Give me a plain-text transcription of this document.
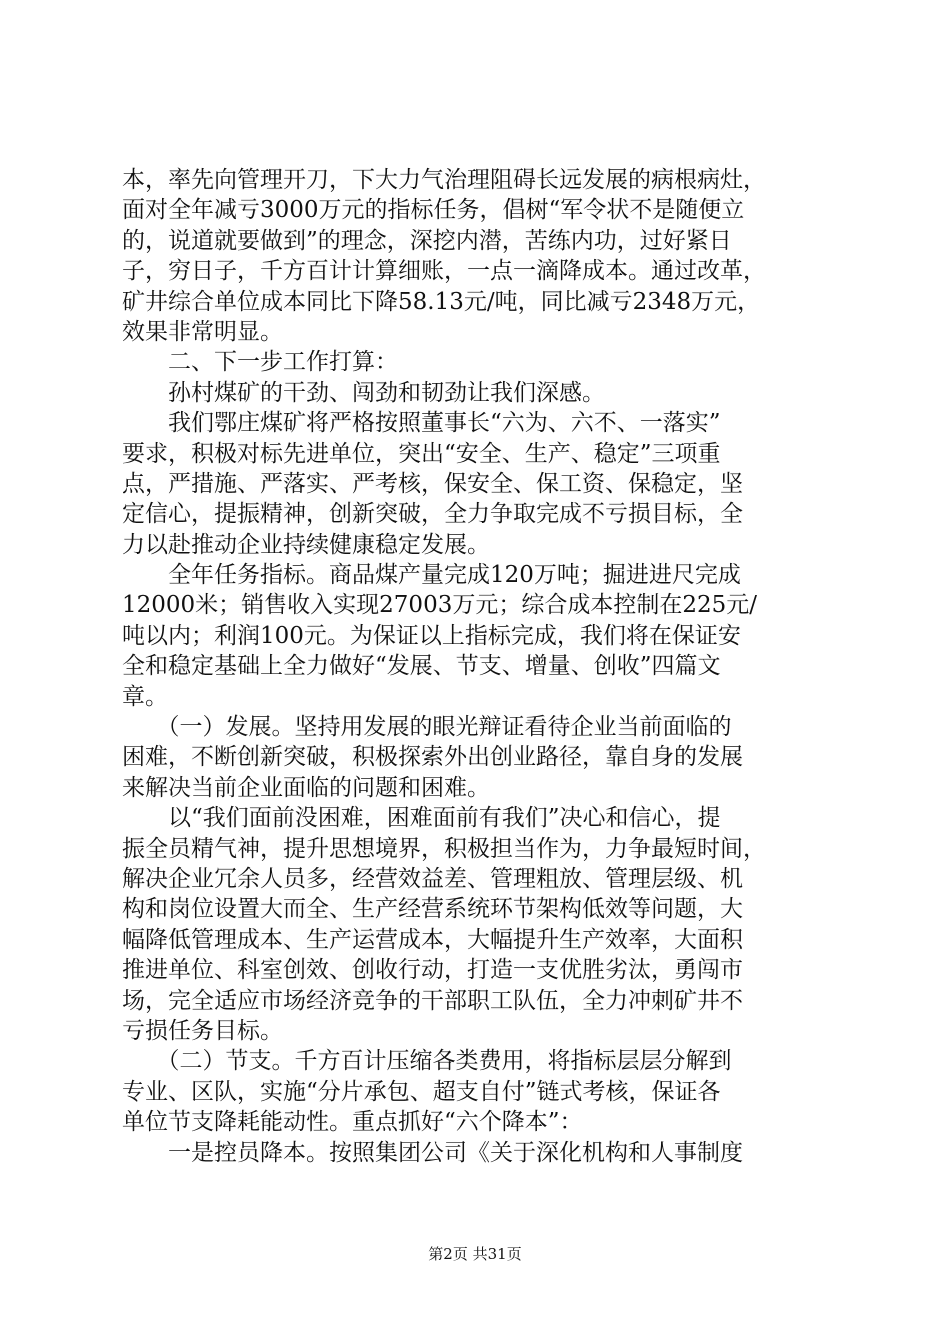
本，率先向管理开刀，下大力气治理阻碍长远发展的病根病灶，
面对全年减亏3000万元的指标任务，倡树“军令状不是随便立
的，说道就要做到”的理念，深挖内潜，苦练内功，过好紧日
子，穷日子，千方百计计算细账，一点一滴降成本。通过改革，
矿井综合单位成本同比下降58.13元/吨，同比减亏2348万元，
效果非常明显。
　　二、下一步工作打算：
　　孙村煤矿的干劲、闯劲和韧劲让我们深感。
　　我们鄂庄煤矿将严格按照董事长“六为、六不、一落实”
要求，积极对标先进单位，突出“安全、生产、稳定”三项重
点，严措施、严落实、严考核，保安全、保工资、保稳定，坚
定信心，提振精神，创新突破，全力争取完成不亏损目标，全
力以赴推动企业持续健康稳定发展。
　　全年任务指标。商品煤产量完成120万吨；掘进进尺完成
12000米；销售收入实现27003万元；综合成本控制在225元/
吨以内；利润100元。为保证以上指标完成，我们将在保证安
全和稳定基础上全力做好“发展、节支、增量、创收”四篇文
章。
　　（一）发展。坚持用发展的眼光辩证看待企业当前面临的
困难，不断创新突破，积极探索外出创业路径，靠自身的发展
来解决当前企业面临的问题和困难。
　　以“我们面前没困难，困难面前有我们”决心和信心，提
振全员精气神，提升思想境界，积极担当作为，力争最短时间，
解决企业冗余人员多，经营效益差、管理粗放、管理层级、机
构和岗位设置大而全、生产经营系统环节架构低效等问题，大
幅降低管理成本、生产运营成本，大幅提升生产效率，大面积
推进单位、科室创效、创收行动，打造一支优胜劣汰，勇闯市
场，完全适应市场经济竞争的干部职工队伍，全力冲刺矿井不
亏损任务目标。
　　（二）节支。千方百计压缩各类费用，将指标层层分解到
专业、区队，实施“分片承包、超支自付”链式考核，保证各
单位节支降耗能动性。重点抓好“六个降本”：
　　一是控员降本。按照集团公司《关于深化机构和人事制度
第2页 共31页
